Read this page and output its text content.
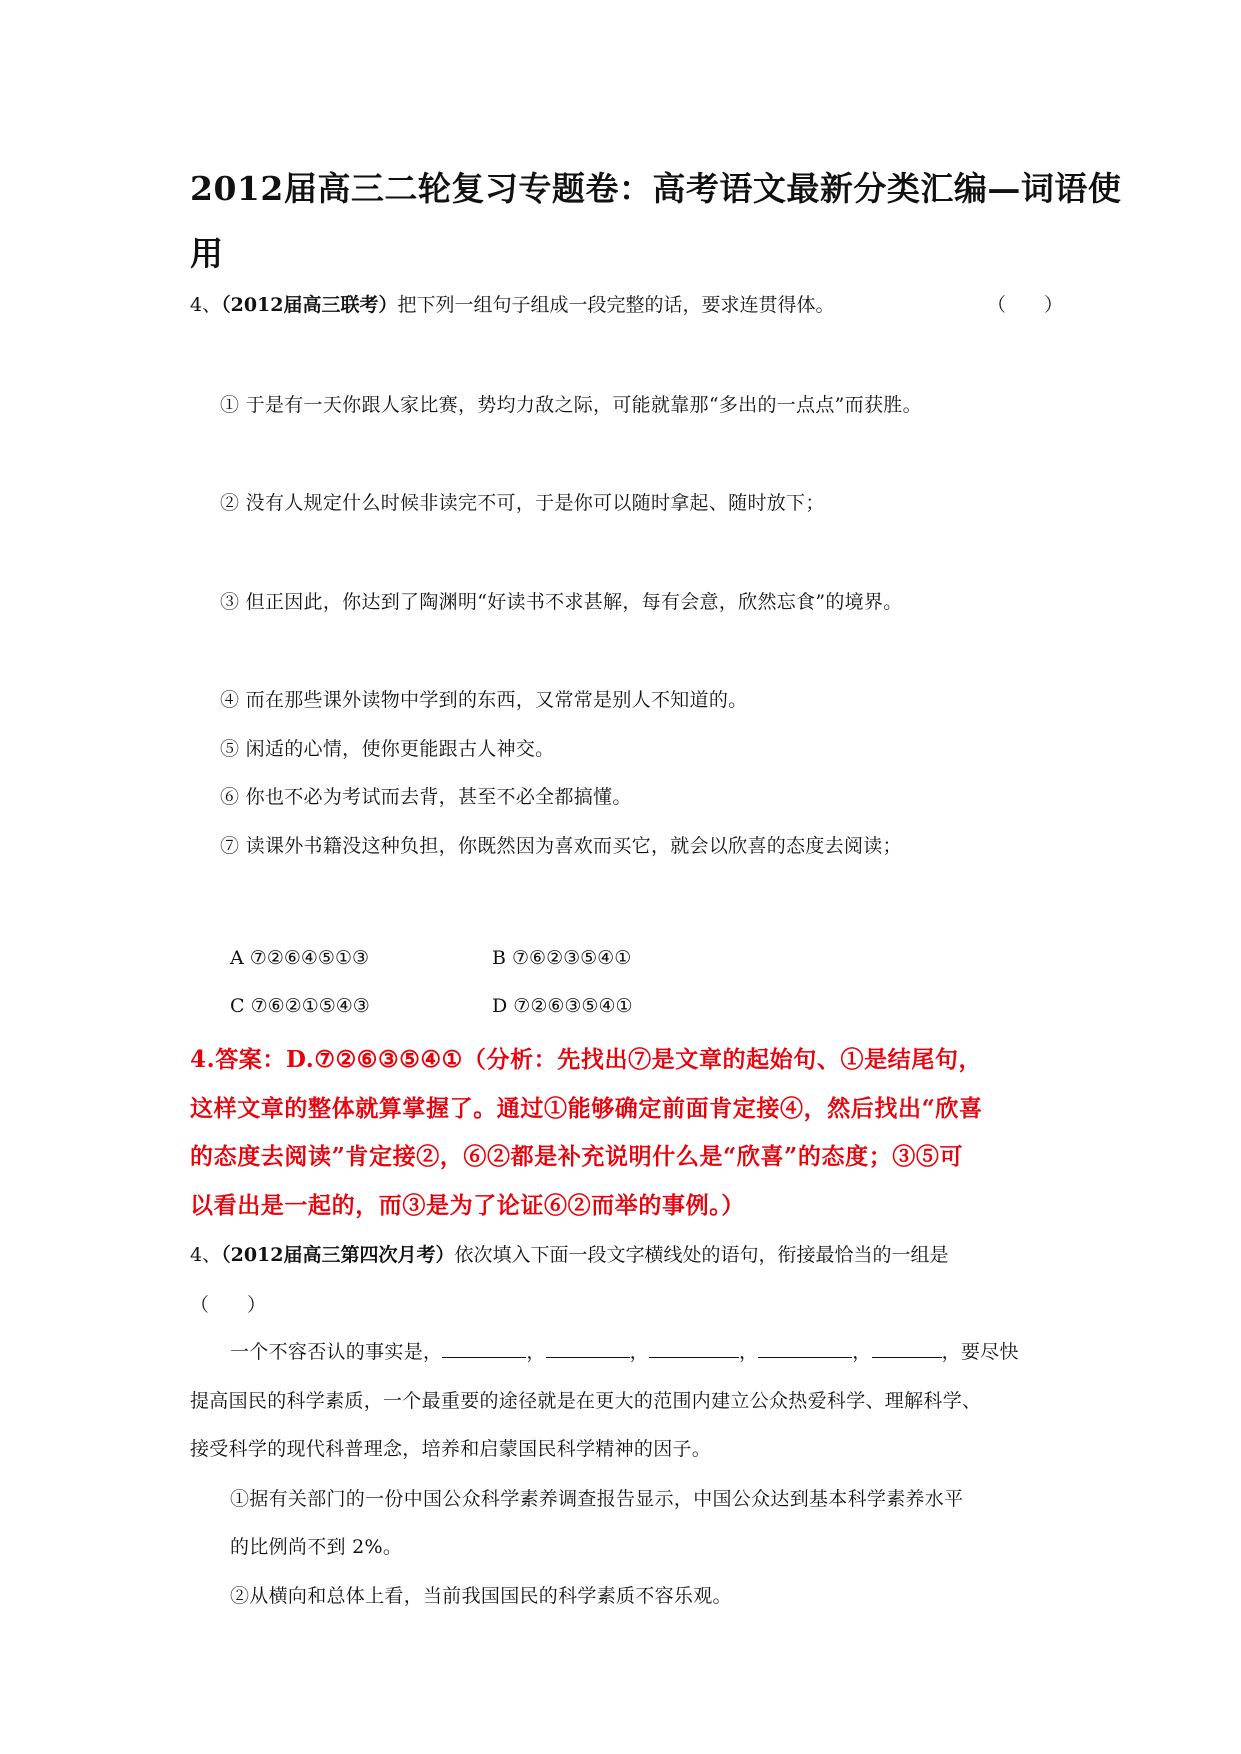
2012届高三二轮复习专题卷：高考语文最新分类汇编—词语使
用
4、（2012届高三联考）把下列一组句子组成一段完整的话，要求连贯得体。	（　　）
① 于是有一天你跟人家比赛，势均力敌之际，可能就靠那“多出的一点点”而获胜。
② 没有人规定什么时候非读完不可，于是你可以随时拿起、随时放下；
③ 但正因此，你达到了陶渊明“好读书不求甚解，每有会意，欣然忘食”的境界。
④ 而在那些课外读物中学到的东西，又常常是别人不知道的。
⑤ 闲适的心情，使你更能跟古人神交。
⑥ 你也不必为考试而去背，甚至不必全都搞懂。
⑦ 读课外书籍没这种负担，你既然因为喜欢而买它，就会以欣喜的态度去阅读；
A ⑦②⑥④⑤①③	B ⑦⑥②③⑤④①
C ⑦⑥②①⑤④③	D ⑦②⑥③⑤④①
4.答案：D.⑦②⑥③⑤④①（分析：先找出⑦是文章的起始句、①是结尾句，
这样文章的整体就算掌握了。通过①能够确定前面肯定接④，然后找出“欣喜
的态度去阅读”肯定接②，⑥②都是补充说明什么是“欣喜”的态度；③⑤可
以看出是一起的，而③是为了论证⑥②而举的事例。）
4、（2012届高三第四次月考）依次填入下面一段文字横线处的语句，衔接最恰当的一组是
（　　）
一个不容否认的事实是，	，	，	，	，	，要尽快
提高国民的科学素质，一个最重要的途径就是在更大的范围内建立公众热爱科学、理解科学、
接受科学的现代科普理念，培养和启蒙国民科学精神的因子。
①据有关部门的一份中国公众科学素养调查报告显示，中国公众达到基本科学素养水平
的比例尚不到 2%。
②从横向和总体上看，当前我国国民的科学素质不容乐观。
